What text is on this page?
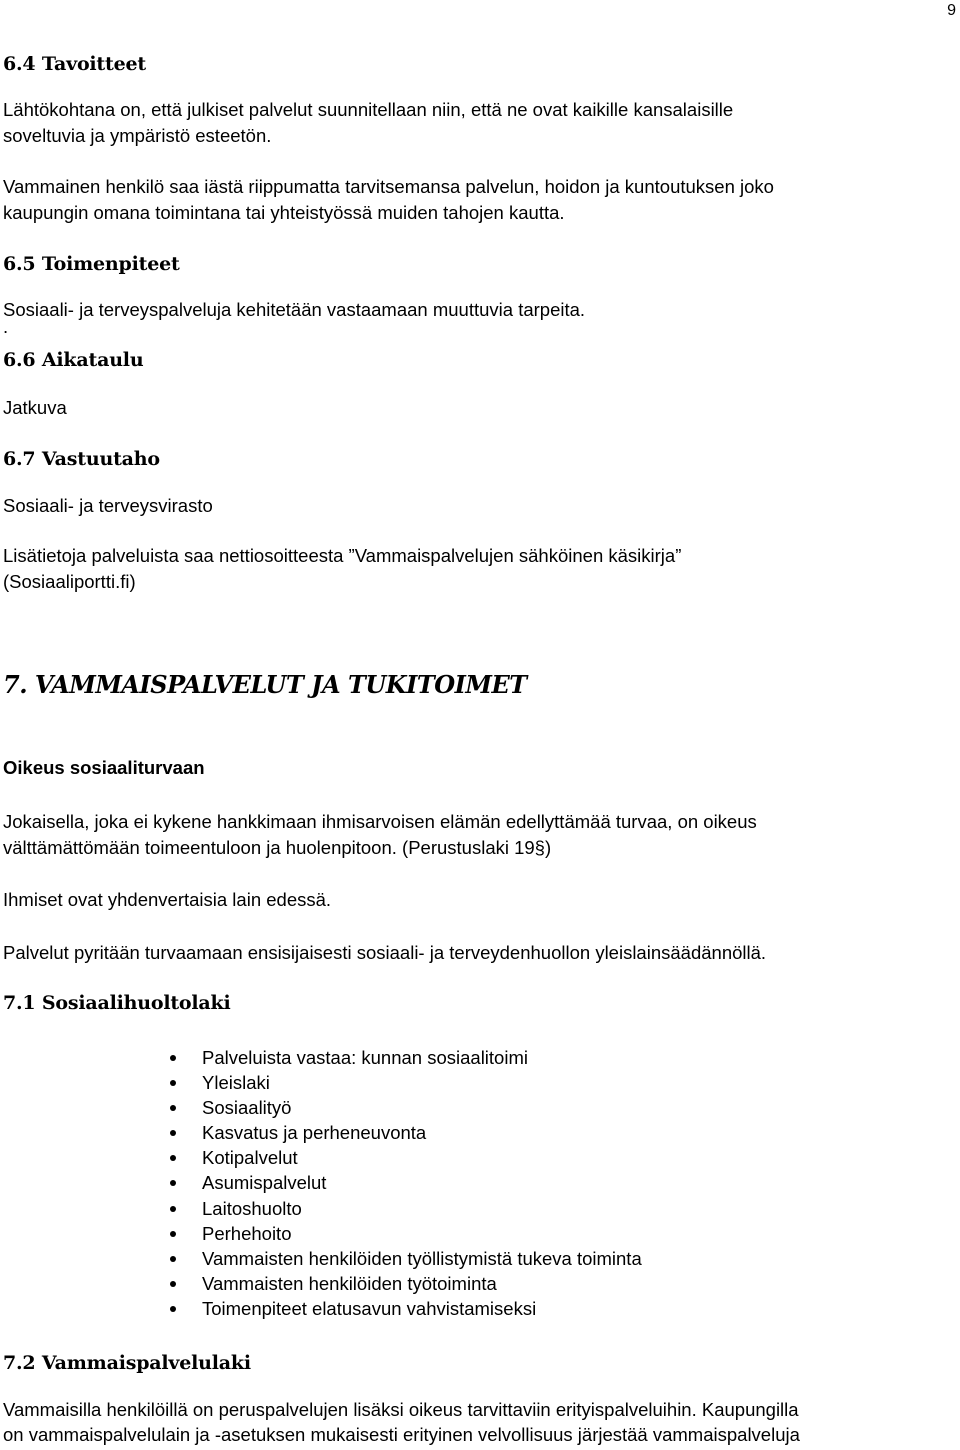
9
6.4 Tavoitteet

Lähtökohtana on, että julkiset palvelut suunnitellaan niin, että ne ovat kaikille kansalaisille

soveltuvia ja ympäristö esteetön.

Vammainen henkilö saa iästä riippumatta tarvitsemansa palvelun, hoidon ja kuntoutuksen joko

kaupungin omana toimintana tai yhteistyössä muiden tahojen kautta.

6.5 Toimenpiteet

Sosiaali- ja terveyspalveluja kehitetään vastaamaan muuttuvia tarpeita.

.

6.6 Aikataulu

Jatkuva

6.7 Vastuutaho

Sosiaali- ja terveysvirasto

Lisätietoja palveluista saa nettiosoitteesta ”Vammaispalvelujen sähköinen käsikirja”

(Sosiaaliportti.fi)

7. VAMMAISPALVELUT JA TUKITOIMET
Oikeus sosiaaliturvaan

Jokaisella, joka ei kykene hankkimaan ihmisarvoisen elämän edellyttämää turvaa, on oikeus

välttämättömään toimeentuloon ja huolenpitoon. (Perustuslaki 19§)

Ihmiset ovat yhdenvertaisia lain edessä.

Palvelut pyritään turvaamaan ensisijaisesti sosiaali- ja terveydenhuollon yleislainsäädännöllä.

7.1 Sosiaalihuoltolaki
Palveluista vastaa: kunnan sosiaalitoimi
Yleislaki
Sosiaalityö
Kasvatus ja perheneuvonta
Kotipalvelut
Asumispalvelut
Laitoshuolto
Perhehoito
Vammaisten henkilöiden työllistymistä tukeva toiminta
Vammaisten henkilöiden työtoiminta
Toimenpiteet elatusavun vahvistamiseksi
7.2 Vammaispalvelulaki

Vammaisilla henkilöillä on peruspalvelujen lisäksi oikeus tarvittaviin erityispalveluihin. Kaupungilla

on vammaispalvelulain ja -asetuksen mukaisesti erityinen velvollisuus järjestää vammaispalveluja
